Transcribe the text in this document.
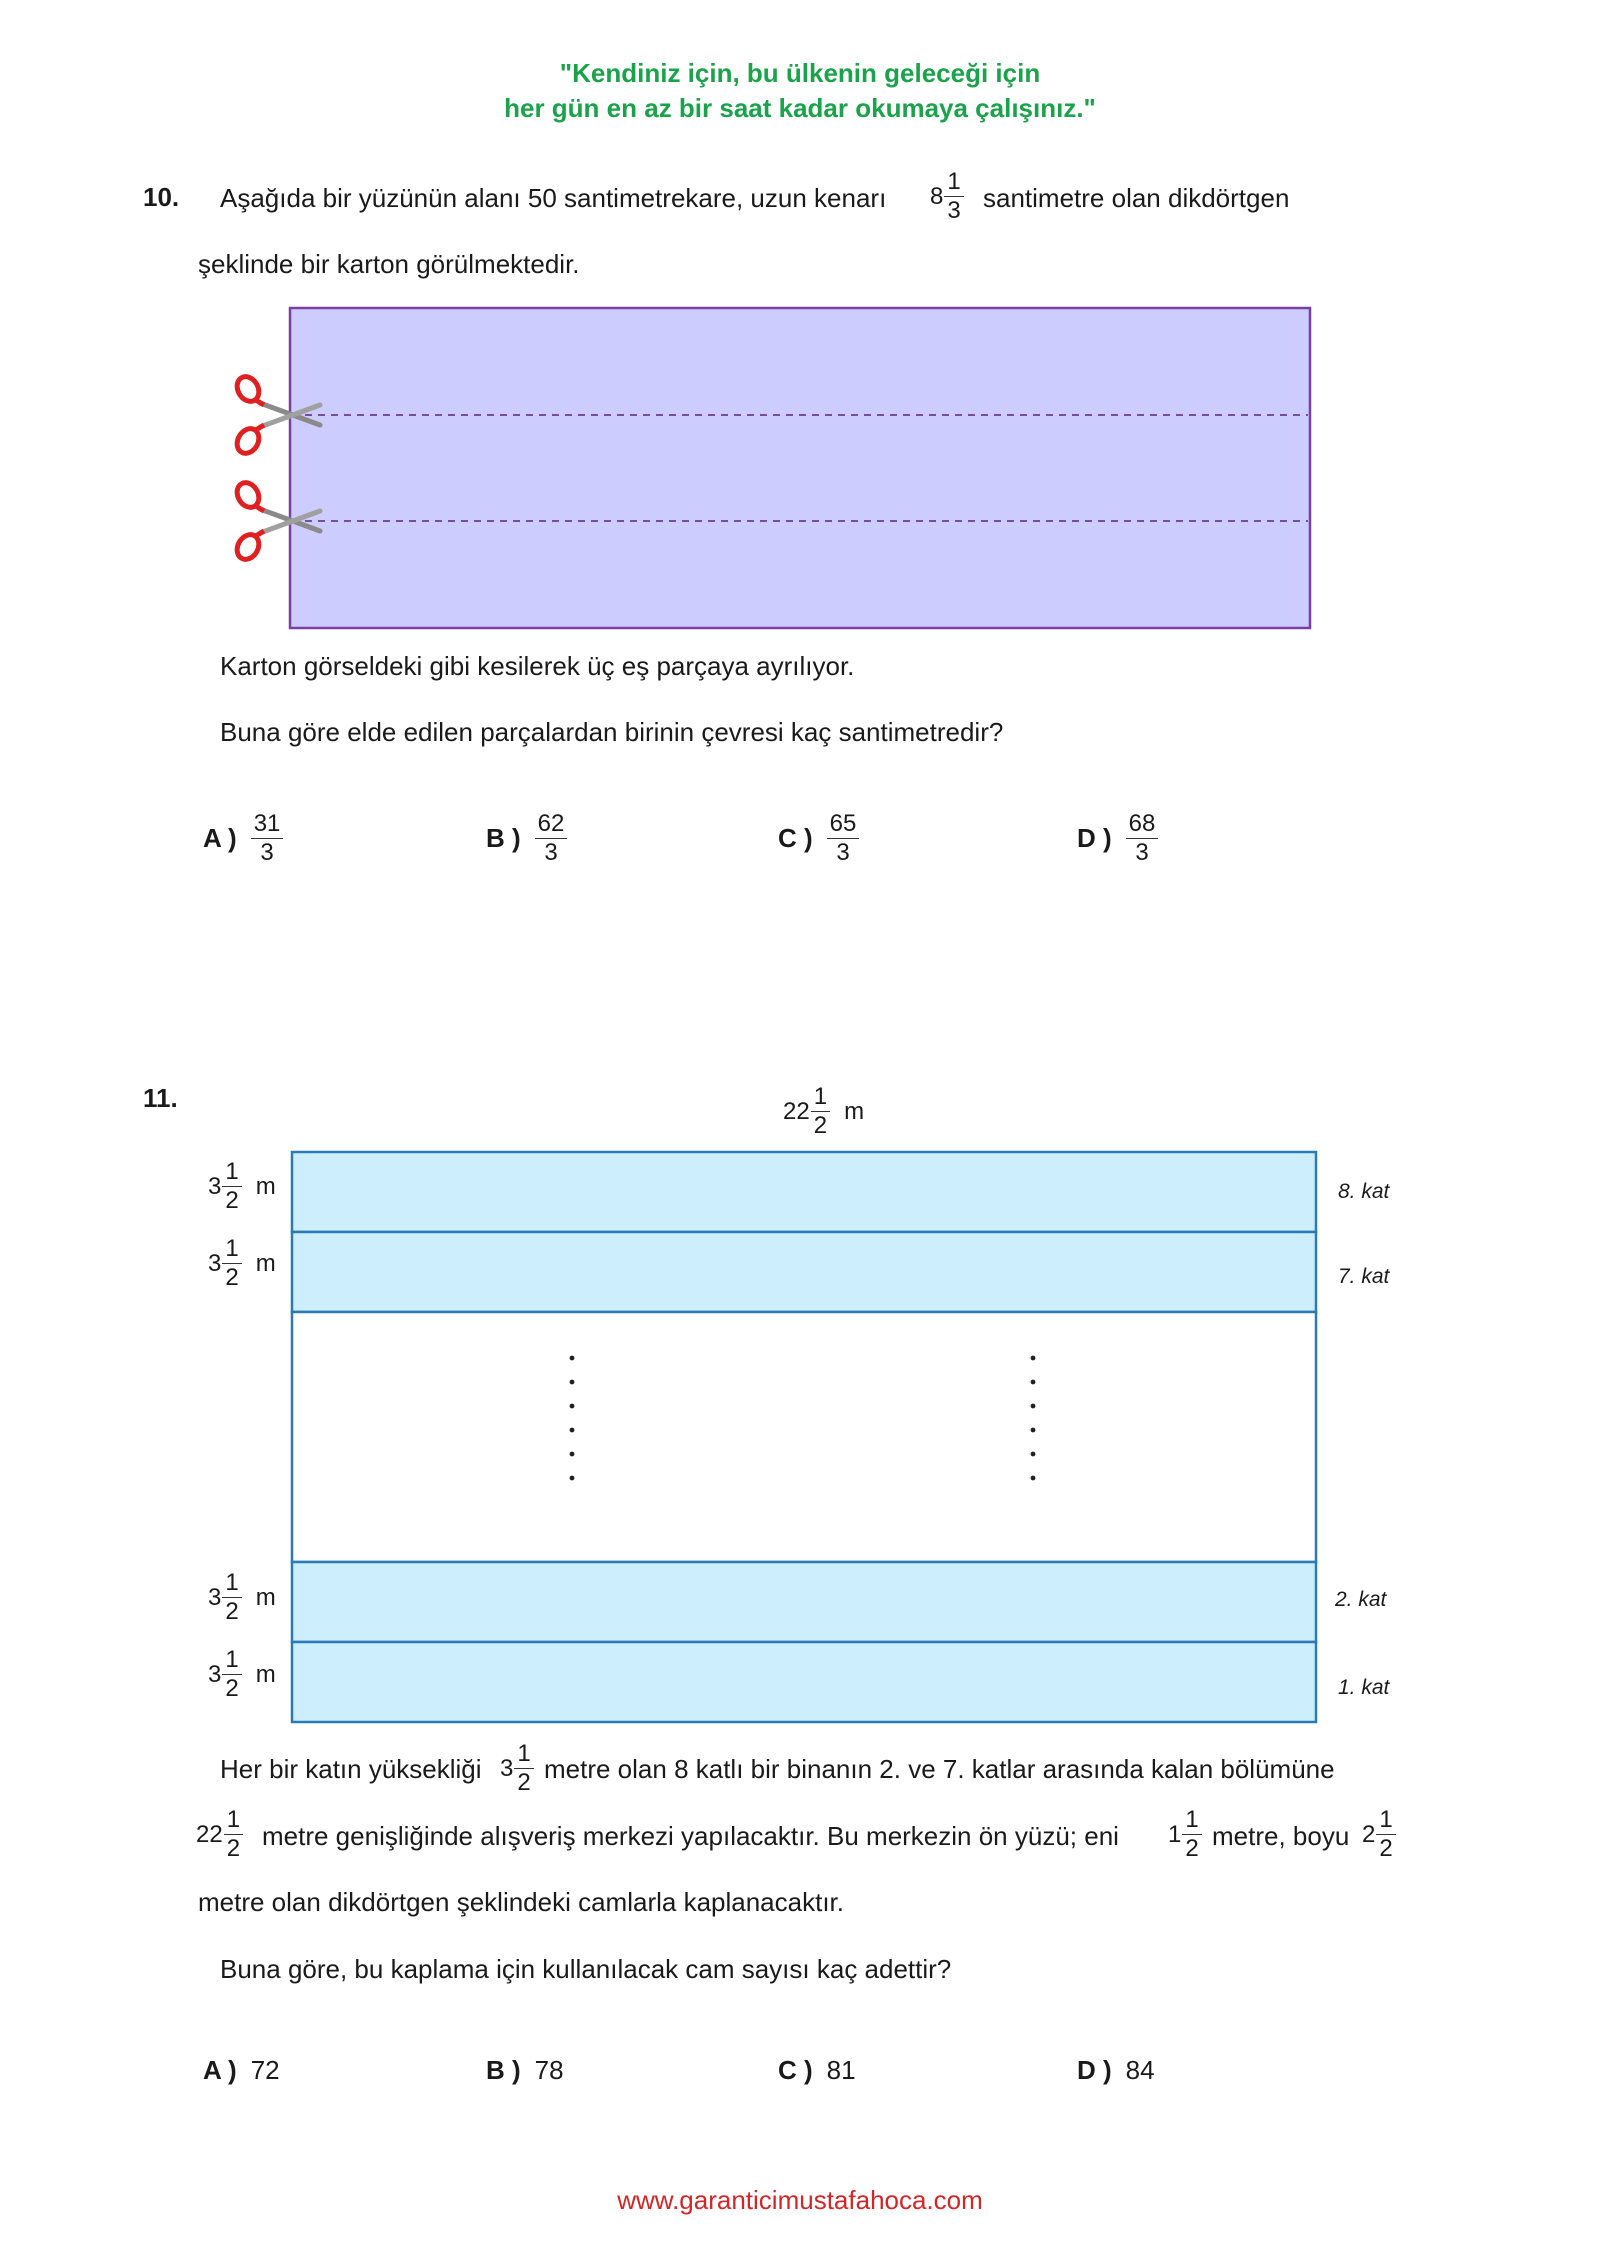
"Kendiniz için, bu ülkenin geleceği için
her gün en az bir saat kadar okumaya çalışınız."
10. Aşağıda bir yüzünün alanı 50 santimetrekare, uzun kenarı $8 \frac{1}{3}$ santimetre olan dikdörtgen
şeklinde bir karton görülmektedir.
Karton görseldeki gibi kesilerek üç eş parçaya ayrılıyor.
Buna göre elde edilen parçalardan birinin çevresi kaç santimetredir?
A ) $\frac{31}{3}$	B ) $\frac{62}{3}$	C ) $\frac{65}{3}$	D ) $\frac{68}{3}$
11.	$22 \frac{1}{2}$ m
$3 \frac{1}{2}$ m
$3 \frac{1}{2}$ m
$3 \frac{1}{2}$ m
$3 \frac{1}{2}$ m
8. kat
7. kat
2. kat
1. kat
Her bir katın yüksekliği $3 \frac{1}{2}$ metre olan 8 katlı bir binanın 2. ve 7. katlar arasında kalan bölümüne
$22 \frac{1}{2}$ metre genişliğinde alışveriş merkezi yapılacaktır. Bu merkezin ön yüzü; eni $1 \frac{1}{2}$ metre, boyu $2 \frac{1}{2}$
metre olan dikdörtgen şeklindeki camlarla kaplanacaktır.
Buna göre, bu kaplama için kullanılacak cam sayısı kaç adettir?
A ) 72	B ) 78	C ) 81	D ) 84
www.garanticimustafahoca.com
